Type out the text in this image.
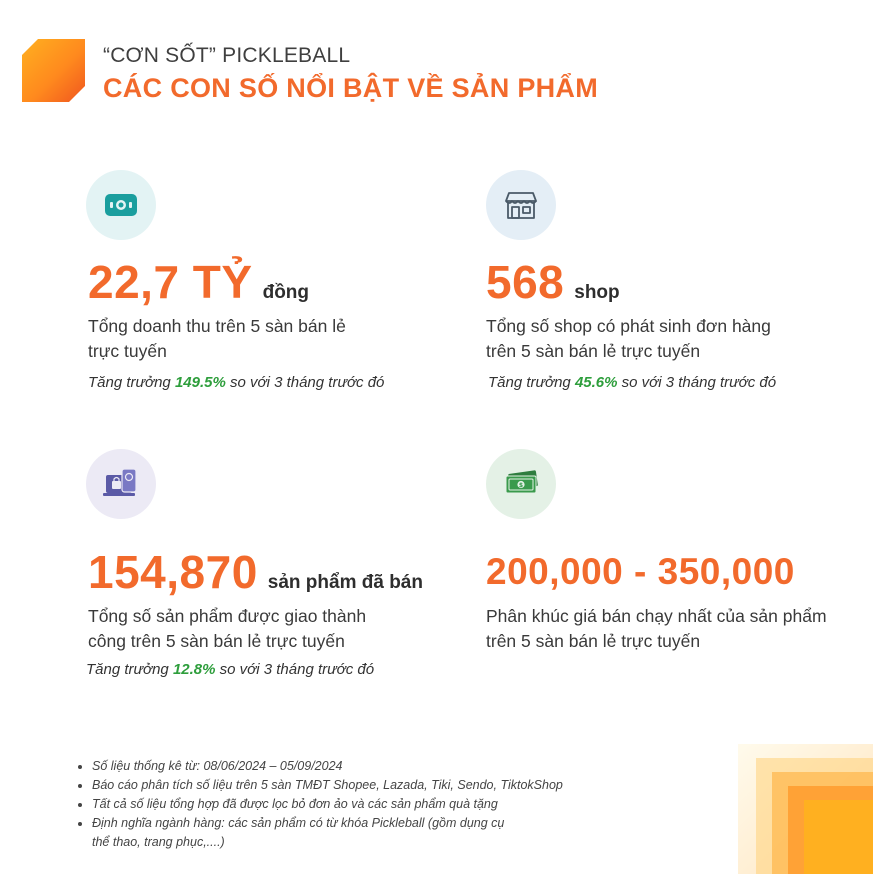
“CƠN SỐT” PICKLEBALL
CÁC CON SỐ NỔI BẬT VỀ SẢN PHẨM
22,7 TỶ đồng
Tổng doanh thu trên 5 sàn bán lẻ
trực tuyến
Tăng trưởng 149.5% so với 3 tháng trước đó
568 shop
Tổng số shop có phát sinh đơn hàng
trên 5 sàn bán lẻ trực tuyến
Tăng trưởng 45.6% so với 3 tháng trước đó
154,870 sản phẩm đã bán
Tổng số sản phẩm được giao thành
công trên 5 sàn bán lẻ trực tuyến
Tăng trưởng 12.8% so với 3 tháng trước đó
$
200,000 - 350,000
Phân khúc giá bán chạy nhất của sản phẩm
trên 5 sàn bán lẻ trực tuyến
• Số liệu thống kê từ: 08/06/2024 – 05/09/2024
• Báo cáo phân tích số liệu trên 5 sàn TMĐT Shopee, Lazada, Tiki, Sendo, TiktokShop
• Tất cả số liệu tổng hợp đã được lọc bỏ đơn ảo và các sản phẩm quà tặng
• Định nghĩa ngành hàng: các sản phẩm có từ khóa Pickleball (gồm dụng cụ
thể thao, trang phục,....)
